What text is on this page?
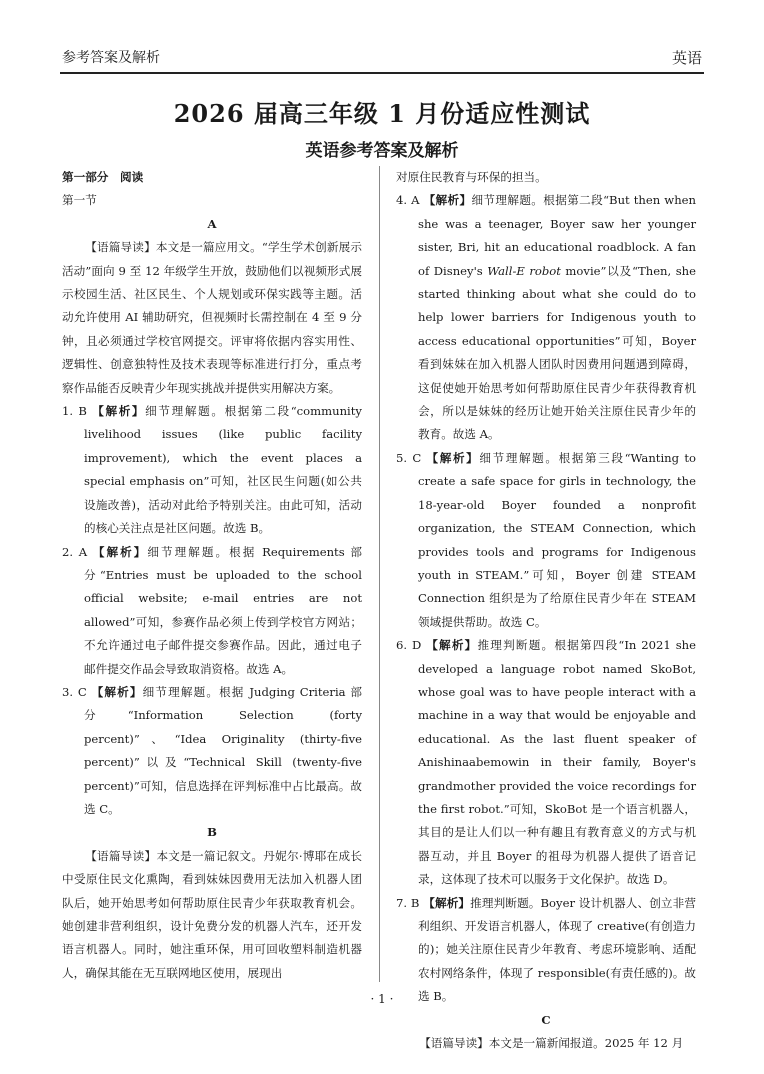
参考答案及解析	英语
2026 届高三年级 1 月份适应性测试
英语参考答案及解析

第一部分　阅读

第一节

A

【语篇导读】本文是一篇应用文。“学生学术创新展示活动”面向 9 至 12 年级学生开放，鼓励他们以视频形式展示校园生活、社区民生、个人规划或环保实践等主题。活动允许使用 AI 辅助研究，但视频时长需控制在 4 至 9 分钟，且必须通过学校官网提交。评审将依据内容实用性、逻辑性、创意独特性及技术表现等标准进行打分，重点考察作品能否反映青少年现实挑战并提供实用解决方案。

1. B 【解析】细节理解题。根据第二段“community livelihood issues (like public facility improvement), which the event places a special emphasis on”可知，社区民生问题(如公共设施改善)，活动对此给予特别关注。由此可知，活动的核心关注点是社区问题。故选 B。

2. A 【解析】细节理解题。根据 Requirements 部分“Entries must be uploaded to the school official website; e-mail entries are not allowed”可知，参赛作品必须上传到学校官方网站；不允许通过电子邮件提交参赛作品。因此，通过电子邮件提交作品会导致取消资格。故选 A。

3. C 【解析】细节理解题。根据 Judging Criteria 部分“Information Selection (forty percent)”、“Idea Originality (thirty-five percent)”以及“Technical Skill (twenty-five percent)”可知，信息选择在评判标准中占比最高。故选 C。

B

【语篇导读】本文是一篇记叙文。丹妮尔·博耶在成长中受原住民文化熏陶，看到妹妹因费用无法加入机器人团队后，她开始思考如何帮助原住民青少年获取教育机会。她创建非营利组织，设计免费分发的机器人汽车，还开发语言机器人。同时，她注重环保，用可回收塑料制造机器人，确保其能在无互联网地区使用，展现出

对原住民教育与环保的担当。

4. A 【解析】细节理解题。根据第二段“But then when she was a teenager, Boyer saw her younger sister, Bri, hit an educational roadblock. A fan of Disney's Wall-E robot movie”以及“Then, she started thinking about what she could do to help lower barriers for Indigenous youth to access educational opportunities”可知，Boyer 看到妹妹在加入机器人团队时因费用问题遇到障碍，这促使她开始思考如何帮助原住民青少年获得教育机会，所以是妹妹的经历让她开始关注原住民青少年的教育。故选 A。

5. C 【解析】细节理解题。根据第三段“Wanting to create a safe space for girls in technology, the 18-year-old Boyer founded a nonprofit organization, the STEAM Connection, which provides tools and programs for Indigenous youth in STEAM.”可知，Boyer 创建 STEAM Connection 组织是为了给原住民青少年在 STEAM 领域提供帮助。故选 C。

6. D 【解析】推理判断题。根据第四段“In 2021 she developed a language robot named SkoBot, whose goal was to have people interact with a machine in a way that would be enjoyable and educational. As the last fluent speaker of Anishinaabemowin in their family, Boyer's grandmother provided the voice recordings for the first robot.”可知，SkoBot 是一个语言机器人，其目的是让人们以一种有趣且有教育意义的方式与机器互动，并且 Boyer 的祖母为机器人提供了语音记录，这体现了技术可以服务于文化保护。故选 D。

7. B 【解析】推理判断题。Boyer 设计机器人、创立非营利组织、开发语言机器人，体现了 creative(有创造力的)；她关注原住民青少年教育、考虑环境影响、适配农村网络条件，体现了 responsible(有责任感的)。故选 B。

C

【语篇导读】本文是一篇新闻报道。2025 年 12 月

· 1 ·
